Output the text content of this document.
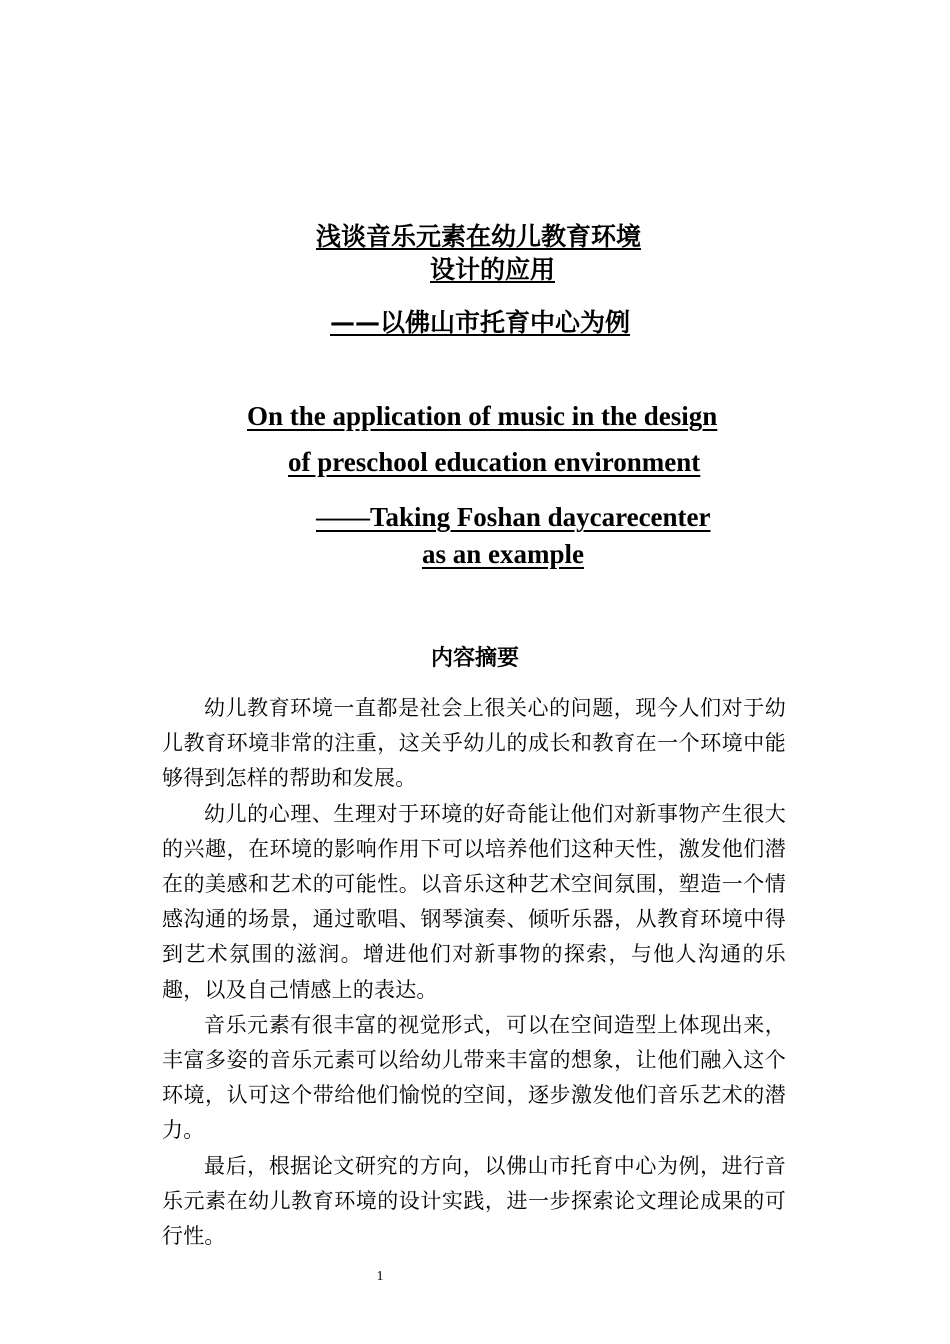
浅谈音乐元素在幼儿教育环境
设计的应用
——以佛山市托育中心为例
On the application of music in the design
of preschool education environment
——Taking Foshan daycarecenter
as an example
内容摘要

幼儿教育环境一直都是社会上很关心的问题，现今人们对于幼儿教育环境非常的注重，这关乎幼儿的成长和教育在一个环境中能够得到怎样的帮助和发展。

幼儿的心理、生理对于环境的好奇能让他们对新事物产生很大的兴趣，在环境的影响作用下可以培养他们这种天性，激发他们潜在的美感和艺术的可能性。以音乐这种艺术空间氛围，塑造一个情感沟通的场景，通过歌唱、钢琴演奏、倾听乐器，从教育环境中得到艺术氛围的滋润。增进他们对新事物的探索，与他人沟通的乐趣，以及自己情感上的表达。

音乐元素有很丰富的视觉形式，可以在空间造型上体现出来，丰富多姿的音乐元素可以给幼儿带来丰富的想象，让他们融入这个环境，认可这个带给他们愉悦的空间，逐步激发他们音乐艺术的潜力。

最后，根据论文研究的方向，以佛山市托育中心为例，进行音乐元素在幼儿教育环境的设计实践，进一步探索论文理论成果的可行性。

1
